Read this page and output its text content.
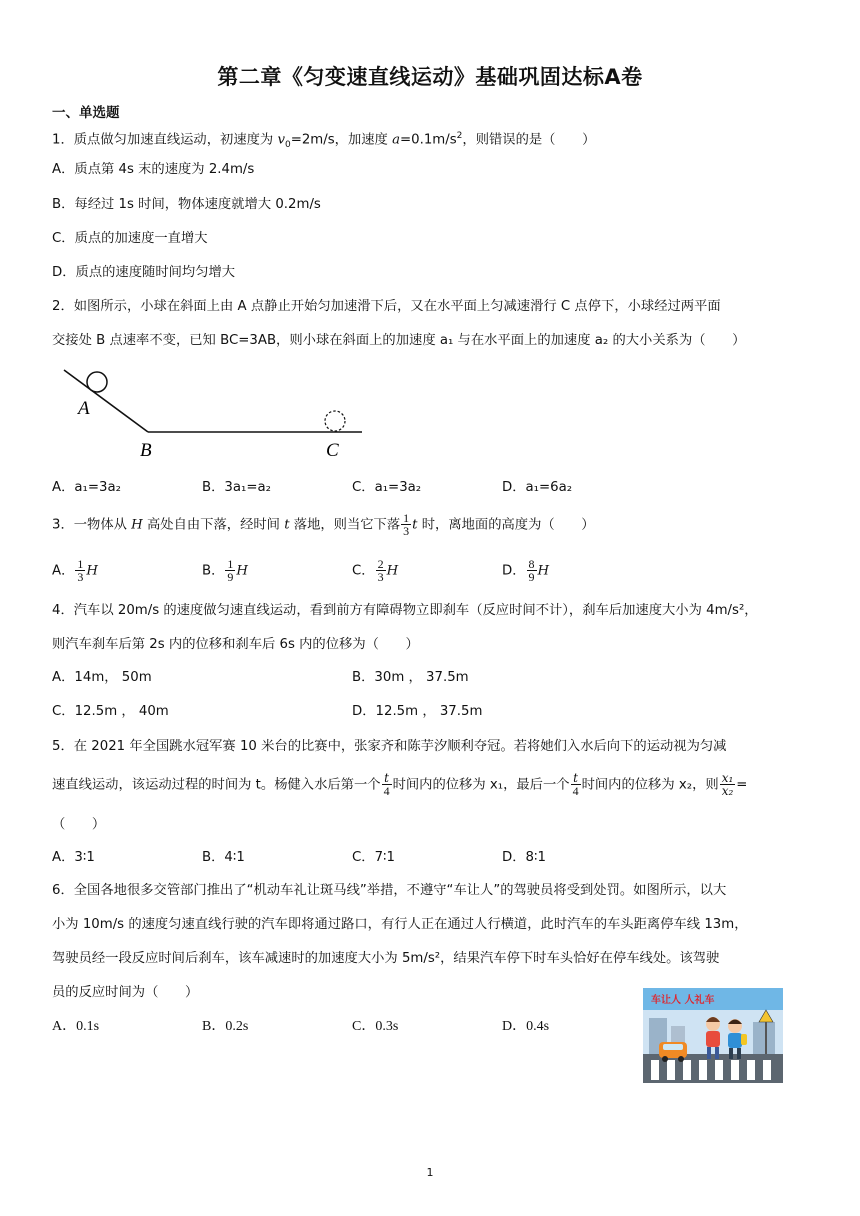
第二章《匀变速直线运动》基础巩固达标A卷
一、单选题
1．质点做匀加速直线运动，初速度为 $v_0=2m/s$，加速度 $a=0.1m/s^2$，则错误的是（　　）
A．质点第 4s 末的速度为 2.4m/s
B．每经过 1s 时间，物体速度就增大 0.2m/s
C．质点的加速度一直增大
D．质点的速度随时间均匀增大
2．如图所示，小球在斜面上由 A 点静止开始匀加速滑下后，又在水平面上匀减速滑行 C 点停下，小球经过两平面
交接处 B 点速率不变，已知 BC=3AB，则小球在斜面上的加速度 a₁ 与在水平面上的加速度 a₂ 的大小关系为（　　）
A
B	C
A．a₁=3a₂	B．3a₁=a₂	C．a₁=3a₂	D．a₁=6a₂
3．一物体从 H 高处自由下落，经时间 t 落地，则当它下落 $\frac{1}{3}$ t 时，离地面的高度为（　　）
A． $\frac{1}{3}$ H	B． $\frac{1}{9}$ H	C． $\frac{2}{3}$ H	D． $\frac{8}{9}$ H
4．汽车以 20m/s 的速度做匀速直线运动，看到前方有障碍物立即刹车（反应时间不计），刹车后加速度大小为 4m/s²，
则汽车刹车后第 2s 内的位移和刹车后 6s 内的位移为（　　）
A．14m， 50m	B．30m ， 37.5m
C．12.5m ， 40m	D．12.5m ， 37.5m
5．在 2021 年全国跳水冠军赛 10 米台的比赛中，张家齐和陈芋汐顺利夺冠。若将她们入水后向下的运动视为匀减
速直线运动，该运动过程的时间为 t。杨健入水后第一个 $\frac{t}{4}$ 时间内的位移为 x₁，最后一个 $\frac{t}{4}$ 时间内的位移为 x₂，则 $\frac{\text{x₁}}{\text{x₂}}$ =
（　　）
A．3∶1	B．4∶1	C．7∶1	D．8∶1
6．全国各地很多交管部门推出了“机动车礼让斑马线”举措，不遵守“车让人”的驾驶员将受到处罚。如图所示，以大
小为 10m/s 的速度匀速直线行驶的汽车即将通过路口，有行人正在通过人行横道，此时汽车的车头距离停车线 13m，
驾驶员经一段反应时间后刹车，该车减速时的加速度大小为 5m/s²，结果汽车停下时车头恰好在停车线处。该驾驶
员的反应时间为（　　）
A．0.1s	B．0.2s	C．0.3s	D．0.4s
车让人 人礼车
1
